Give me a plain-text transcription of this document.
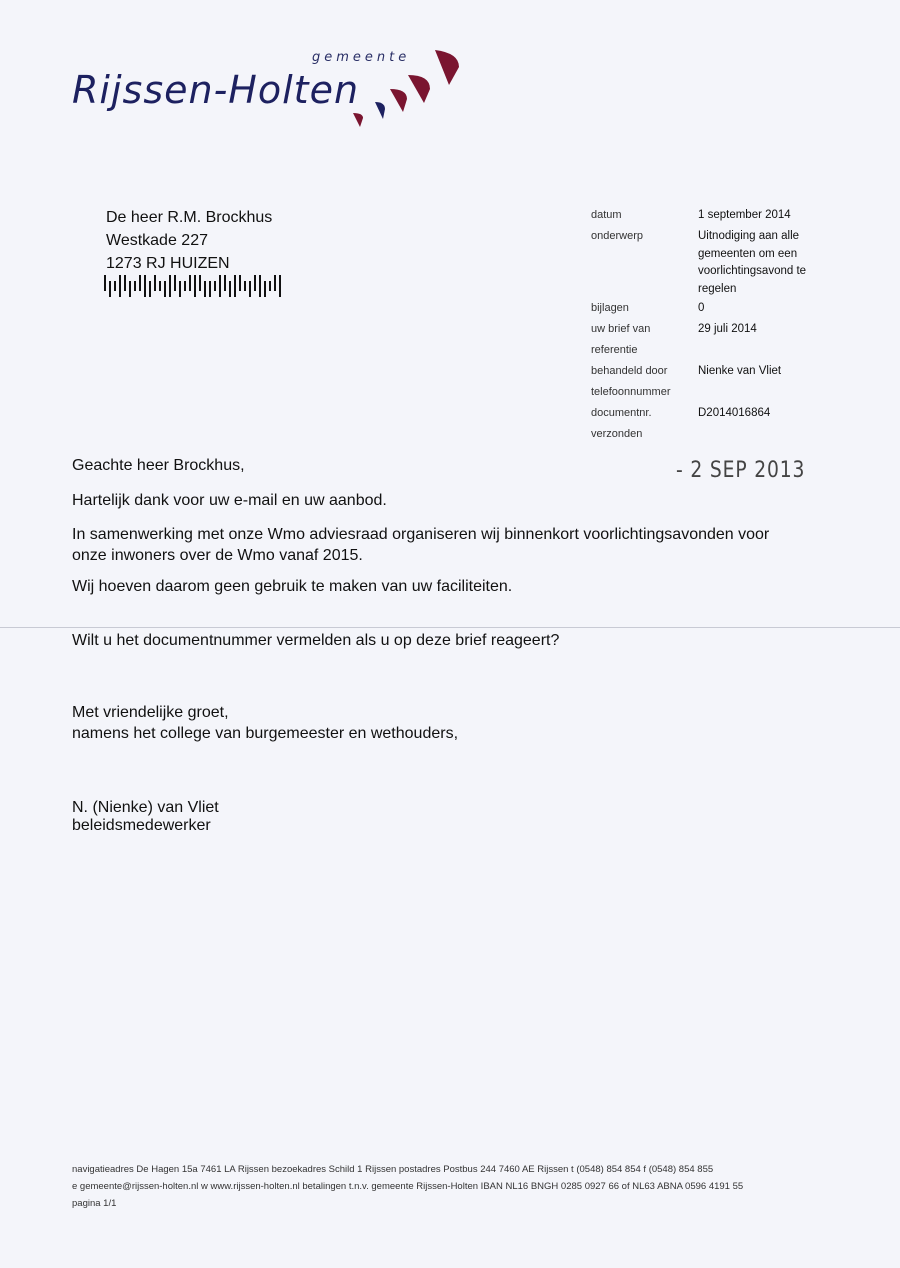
gemeente
Rijssen-Holten
De heer R.M. Brockhus
Westkade 227
1273 RJ HUIZEN
datum	1 september 2014
onderwerp	Uitnodiging aan alle gemeenten om een voorlichtingsavond te regelen
bijlagen	0
uw brief van	29 juli 2014
referentie
behandeld door	Nienke van Vliet
telefoonnummer
documentnr.	D2014016864
verzonden
- 2 SEP 2013
Geachte heer Brockhus,
Hartelijk dank voor uw e-mail en uw aanbod.
In samenwerking met onze Wmo adviesraad organiseren wij binnenkort voorlichtingsavonden voor onze inwoners over de Wmo vanaf 2015.
Wij hoeven daarom geen gebruik te maken van uw faciliteiten.
Wilt u het documentnummer vermelden als u op deze brief reageert?
Met vriendelijke groet,
namens het college van burgemeester en wethouders,
N. (Nienke) van Vliet
beleidsmedewerker
navigatieadres De Hagen 15a 7461 LA Rijssen bezoekadres Schild 1 Rijssen postadres Postbus 244 7460 AE Rijssen t (0548) 854 854 f (0548) 854 855
e gemeente@rijssen-holten.nl w www.rijssen-holten.nl betalingen t.n.v. gemeente Rijssen-Holten IBAN NL16 BNGH 0285 0927 66 of NL63 ABNA 0596 4191 55
pagina 1/1
